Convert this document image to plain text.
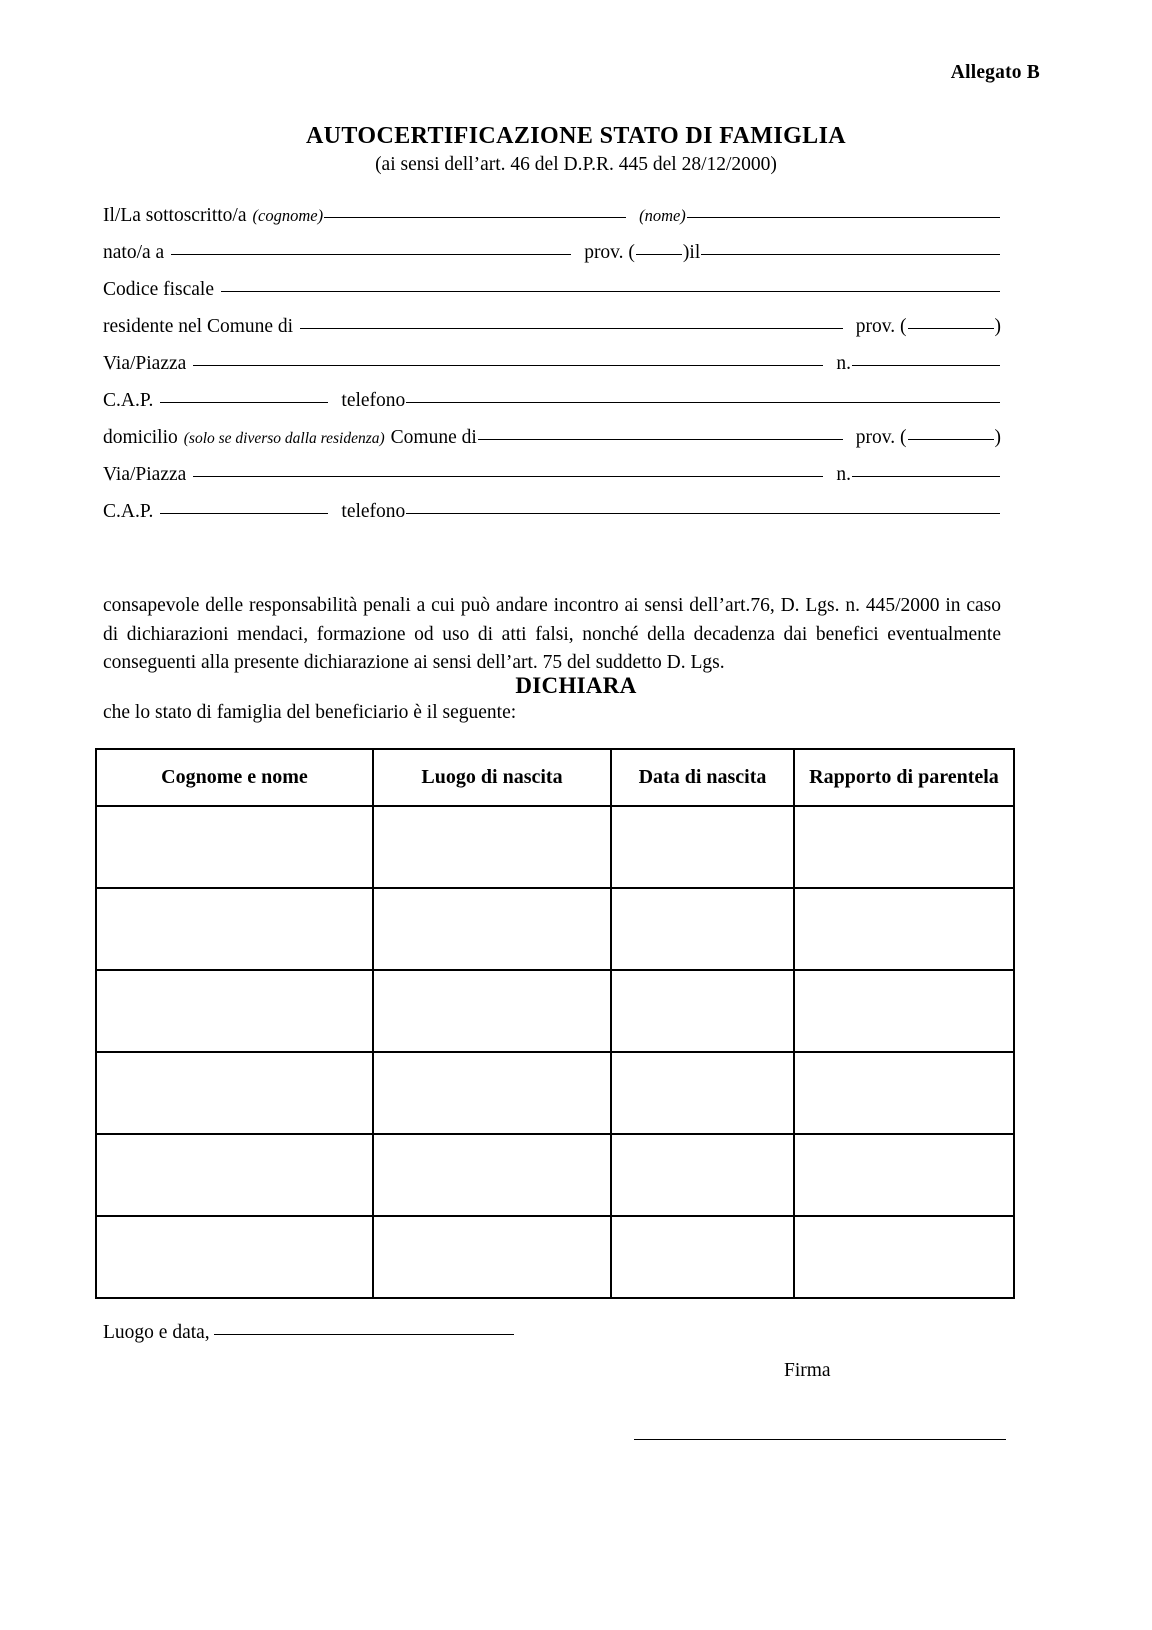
Allegato B
AUTOCERTIFICAZIONE STATO DI FAMIGLIA
(ai sensi dell’art. 46 del D.P.R. 445 del 28/12/2000)
Il/La sottoscritto/a (cognome)	(nome)
nato/a a	prov. ( ) il
Codice fiscale
residente nel Comune di	prov. (	)
Via/Piazza	n.
C.A.P.	telefono
domicilio (solo se diverso dalla residenza) Comune di	prov. (	)
Via/Piazza	n.
C.A.P.	telefono
consapevole delle responsabilità penali a cui può andare incontro ai sensi dell’art.76, D. Lgs. n. 445/2000 in caso di dichiarazioni mendaci, formazione od uso di atti falsi, nonché della decadenza dai benefici eventualmente conseguenti alla presente dichiarazione ai sensi dell’art. 75 del suddetto D. Lgs.
DICHIARA
che lo stato di famiglia del beneficiario è il seguente:
Cognome e nome	Luogo di nascita	Data di nascita	Rapporto di parentela

Luogo e data,
Firma
